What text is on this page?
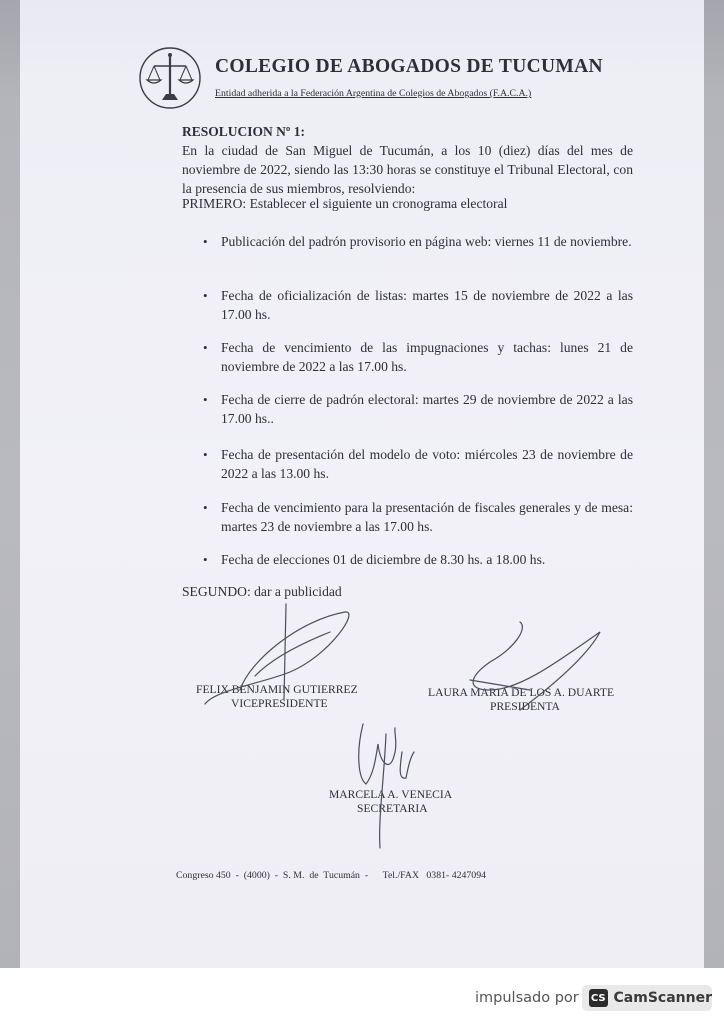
COLEGIO DE ABOGADOS DE TUCUMAN
Entidad adherida a la Federación Argentina de Colegios de Abogados (F.A.C.A.)
RESOLUCION Nº 1:

En la ciudad de San Miguel de Tucumán, a los 10 (diez) días del mes de noviembre de 2022, siendo las 13:30 horas se constituye el Tribunal Electoral, con la presencia de sus miembros, resolviendo:

PRIMERO: Establecer el siguiente un cronograma electoral
• Publicación del padrón provisorio en página web: viernes 11 de noviembre.
• Fecha de oficialización de listas: martes 15 de noviembre de 2022 a las 17.00 hs.
• Fecha de vencimiento de las impugnaciones y tachas: lunes 21 de noviembre de 2022 a las 17.00 hs.
• Fecha de cierre de padrón electoral: martes 29 de noviembre de 2022 a las 17.00 hs..
• Fecha de presentación del modelo de voto: miércoles 23 de noviembre de 2022 a las 13.00 hs.
• Fecha de vencimiento para la presentación de fiscales generales y de mesa: martes 23 de noviembre a las 17.00 hs.
• Fecha de elecciones 01 de diciembre de 8.30 hs. a 18.00 hs.
SEGUNDO: dar a publicidad
FELIX BENJAMIN GUTIERREZ
VICEPRESIDENTE
LAURA MARIA DE LOS A. DUARTE
PRESIDENTA
MARCELA A. VENECIA
SECRETARIA
Congreso 450  -  (4000)  -  S. M.  de  Tucumán  -      Tel./FAX   0381- 4247094
impulsado por CS CamScanner
